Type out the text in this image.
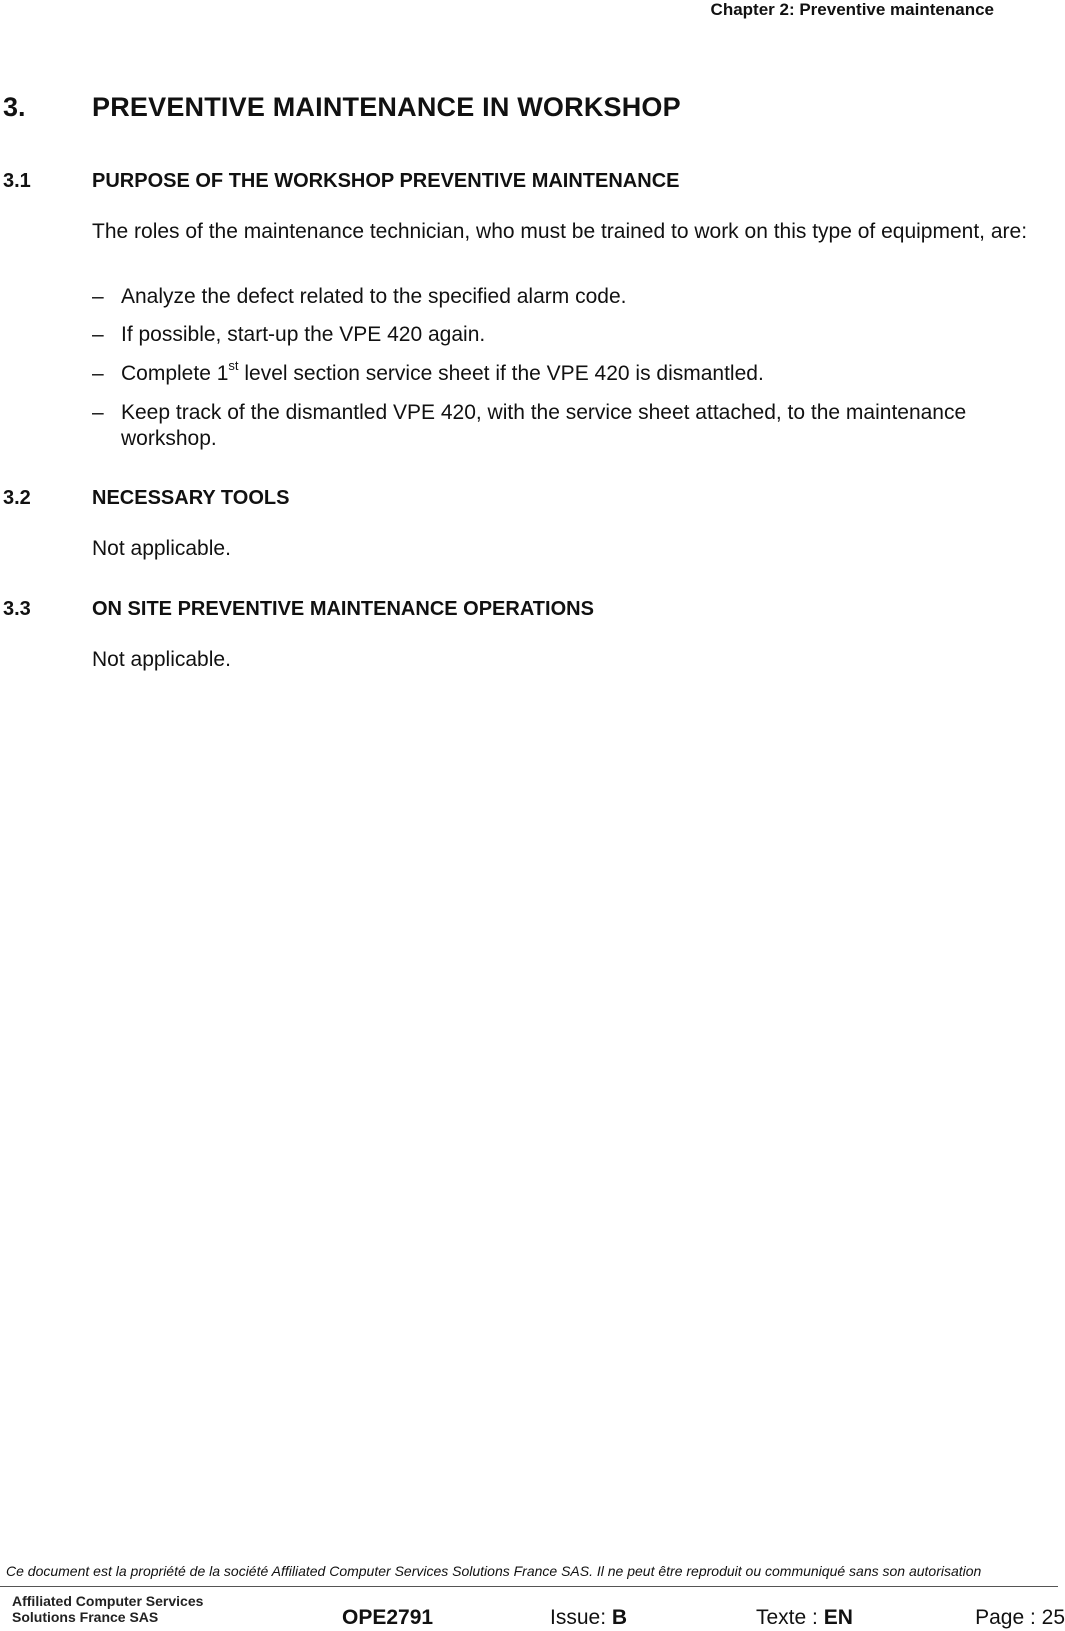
Chapter 2: Preventive maintenance
3. PREVENTIVE MAINTENANCE IN WORKSHOP
3.1	PURPOSE OF THE WORKSHOP PREVENTIVE MAINTENANCE
The roles of the maintenance technician, who must be trained to work on this type of equipment, are:
– Analyze the defect related to the specified alarm code.
– If possible, start-up the VPE 420 again.
– Complete 1st level section service sheet if the VPE 420 is dismantled.
– Keep track of the dismantled VPE 420, with the service sheet attached, to the maintenance workshop.
3.2	NECESSARY TOOLS
Not applicable.
3.3	ON SITE PREVENTIVE MAINTENANCE OPERATIONS
Not applicable.
Ce document est la propriété de la société Affiliated Computer Services Solutions France SAS. Il ne peut être reproduit ou communiqué sans son autorisation
Affiliated Computer Services
Solutions France SAS	OPE2791	Issue: B	Texte : EN	Page : 25
